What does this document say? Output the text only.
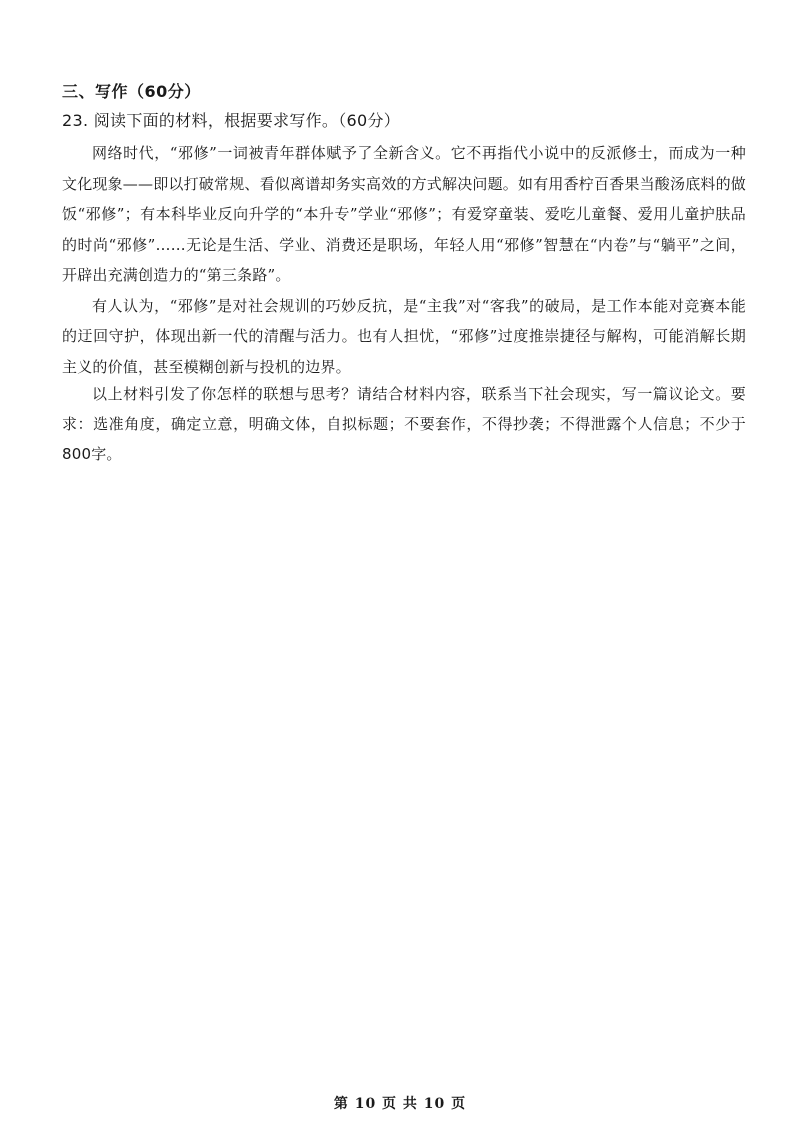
三、写作（60分）
23. 阅读下面的材料，根据要求写作。（60分）

网络时代，“邪修”一词被青年群体赋予了全新含义。它不再指代小说中的反派修士，而成为一种文化现象——即以打破常规、看似离谱却务实高效的方式解决问题。如有用香柠百香果当酸汤底料的做饭“邪修”；有本科毕业反向升学的“本升专”学业“邪修”；有爱穿童装、爱吃儿童餐、爱用儿童护肤品的时尚“邪修”……无论是生活、学业、消费还是职场，年轻人用“邪修”智慧在“内卷”与“躺平”之间，开辟出充满创造力的“第三条路”。

有人认为，“邪修”是对社会规训的巧妙反抗，是“主我”对“客我”的破局，是工作本能对竞赛本能的迂回守护，体现出新一代的清醒与活力。也有人担忧，“邪修”过度推崇捷径与解构，可能消解长期主义的价值，甚至模糊创新与投机的边界。

以上材料引发了你怎样的联想与思考？请结合材料内容，联系当下社会现实，写一篇议论文。要求：选准角度，确定立意，明确文体，自拟标题；不要套作，不得抄袭；不得泄露个人信息；不少于800字。

第 10 页 共 10 页
